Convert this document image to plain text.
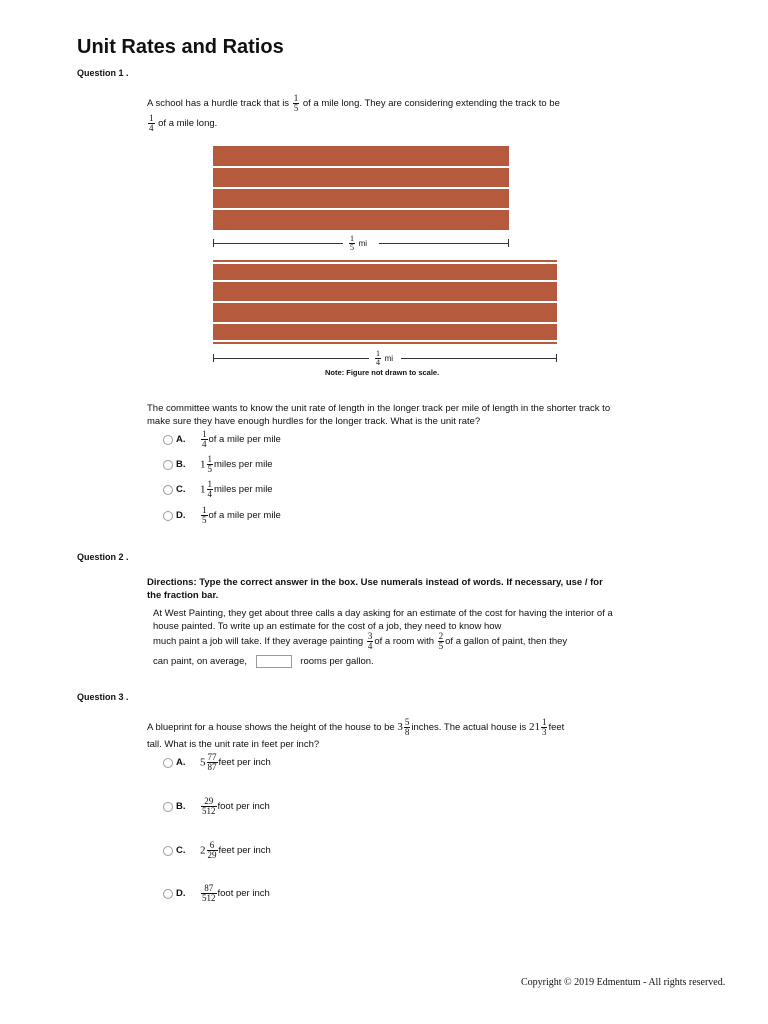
Unit Rates and Ratios
Question 1 .
A school has a hurdle track that is $\frac{1}{5}$ of a mile long. They are considering extending the track to be
$\frac{1}{4}$ of a mile long.
$\frac{1}{5}$ mi
$\frac{1}{4}$ mi
Note: Figure not drawn to scale.
The committee wants to know the unit rate of length in the longer track per mile of length in the shorter track to make sure they have enough hurdles for the longer track. What is the unit rate?
A. $\frac{1}{4}$ of a mile per mile
B. $1 \frac{1}{5}$ miles per mile
C. $1 \frac{1}{4}$ miles per mile
D. $\frac{1}{5}$ of a mile per mile
Question 2 .
Directions: Type the correct answer in the box. Use numerals instead of words. If necessary, use / for the fraction bar.
At West Painting, they get about three calls a day asking for an estimate of the cost for having the interior of a house painted. To write up an estimate for the cost of a job, they need to know how
much paint a job will take. If they average painting $\frac{3}{4}$ of a room with $\frac{2}{5}$ of a gallon of paint, then they
can paint, on average,	rooms per gallon.
Question 3 .
A blueprint for a house shows the height of the house to be $3 \frac{5}{8}$ inches. The actual house is $21 \frac{1}{3}$ feet
tall. What is the unit rate in feet per inch?
A. $5 \frac{77}{87}$ feet per inch
B. $\frac{29}{512}$ foot per inch
C. $2 \frac{6}{29}$ feet per inch
D. $\frac{87}{512}$ foot per inch
Copyright © 2019 Edmentum - All rights reserved.
